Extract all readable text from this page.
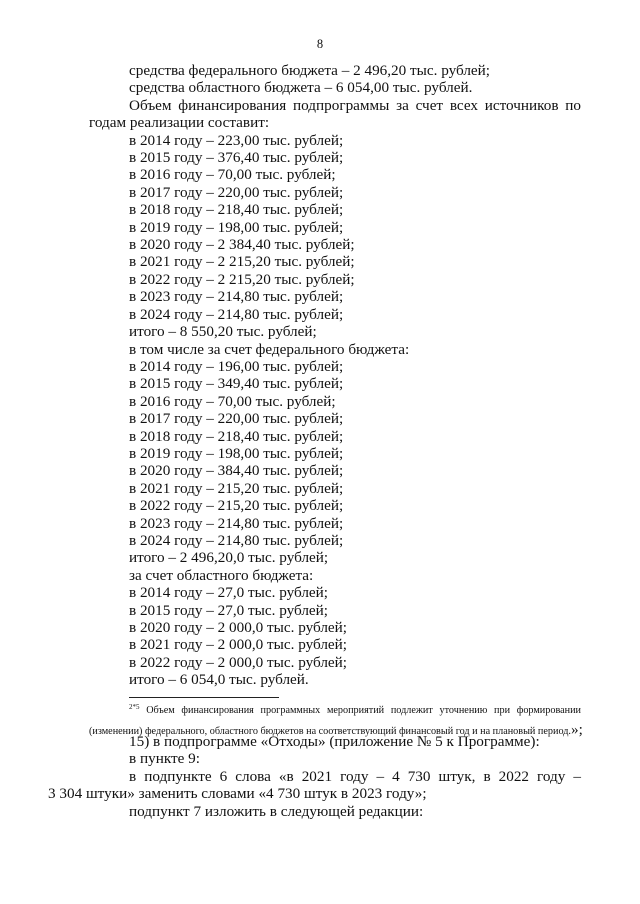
8
средства федерального бюджета – 2 496,20 тыс. рублей;
средства областного бюджета – 6 054,00 тыс. рублей.
Объем финансирования подпрограммы за счет всех источников по
годам реализации составит:
в 2014 году – 223,00 тыс. рублей;
в 2015 году – 376,40 тыс. рублей;
в 2016 году – 70,00 тыс. рублей;
в 2017 году – 220,00 тыс. рублей;
в 2018 году – 218,40 тыс. рублей;
в 2019 году – 198,00 тыс. рублей;
в 2020 году – 2 384,40 тыс. рублей;
в 2021 году – 2 215,20 тыс. рублей;
в 2022 году – 2 215,20 тыс. рублей;
в 2023 году – 214,80 тыс. рублей;
в 2024 году – 214,80 тыс. рублей;
итого – 8 550,20 тыс. рублей;
в том числе за счет федерального бюджета:
в 2014 году – 196,00 тыс. рублей;
в 2015 году – 349,40 тыс. рублей;
в 2016 году – 70,00 тыс. рублей;
в 2017 году – 220,00 тыс. рублей;
в 2018 году – 218,40 тыс. рублей;
в 2019 году – 198,00 тыс. рублей;
в 2020 году – 384,40 тыс. рублей;
в 2021 году – 215,20 тыс. рублей;
в 2022 году – 215,20 тыс. рублей;
в 2023 году – 214,80 тыс. рублей;
в 2024 году – 214,80 тыс. рублей;
итого – 2 496,20,0 тыс. рублей;
за счет областного бюджета:
в 2014 году – 27,0 тыс. рублей;
в 2015 году – 27,0 тыс. рублей;
в 2020 году – 2 000,0 тыс. рублей;
в 2021 году – 2 000,0 тыс. рублей;
в 2022 году – 2 000,0 тыс. рублей;
итого – 6 054,0 тыс. рублей.
$^{2*5}$ Объем финансирования программных мероприятий подлежит уточнению при формировании
(изменении) федерального, областного бюджетов на соответствующий финансовый год и на плановый период.»;
15) в подпрограмме «Отходы» (приложение № 5 к Программе):
в пункте 9:
в подпункте 6 слова «в 2021 году – 4 730 штук, в 2022 году –
3 304 штуки» заменить словами «4 730 штук в 2023 году»;
подпункт 7 изложить в следующей редакции:
